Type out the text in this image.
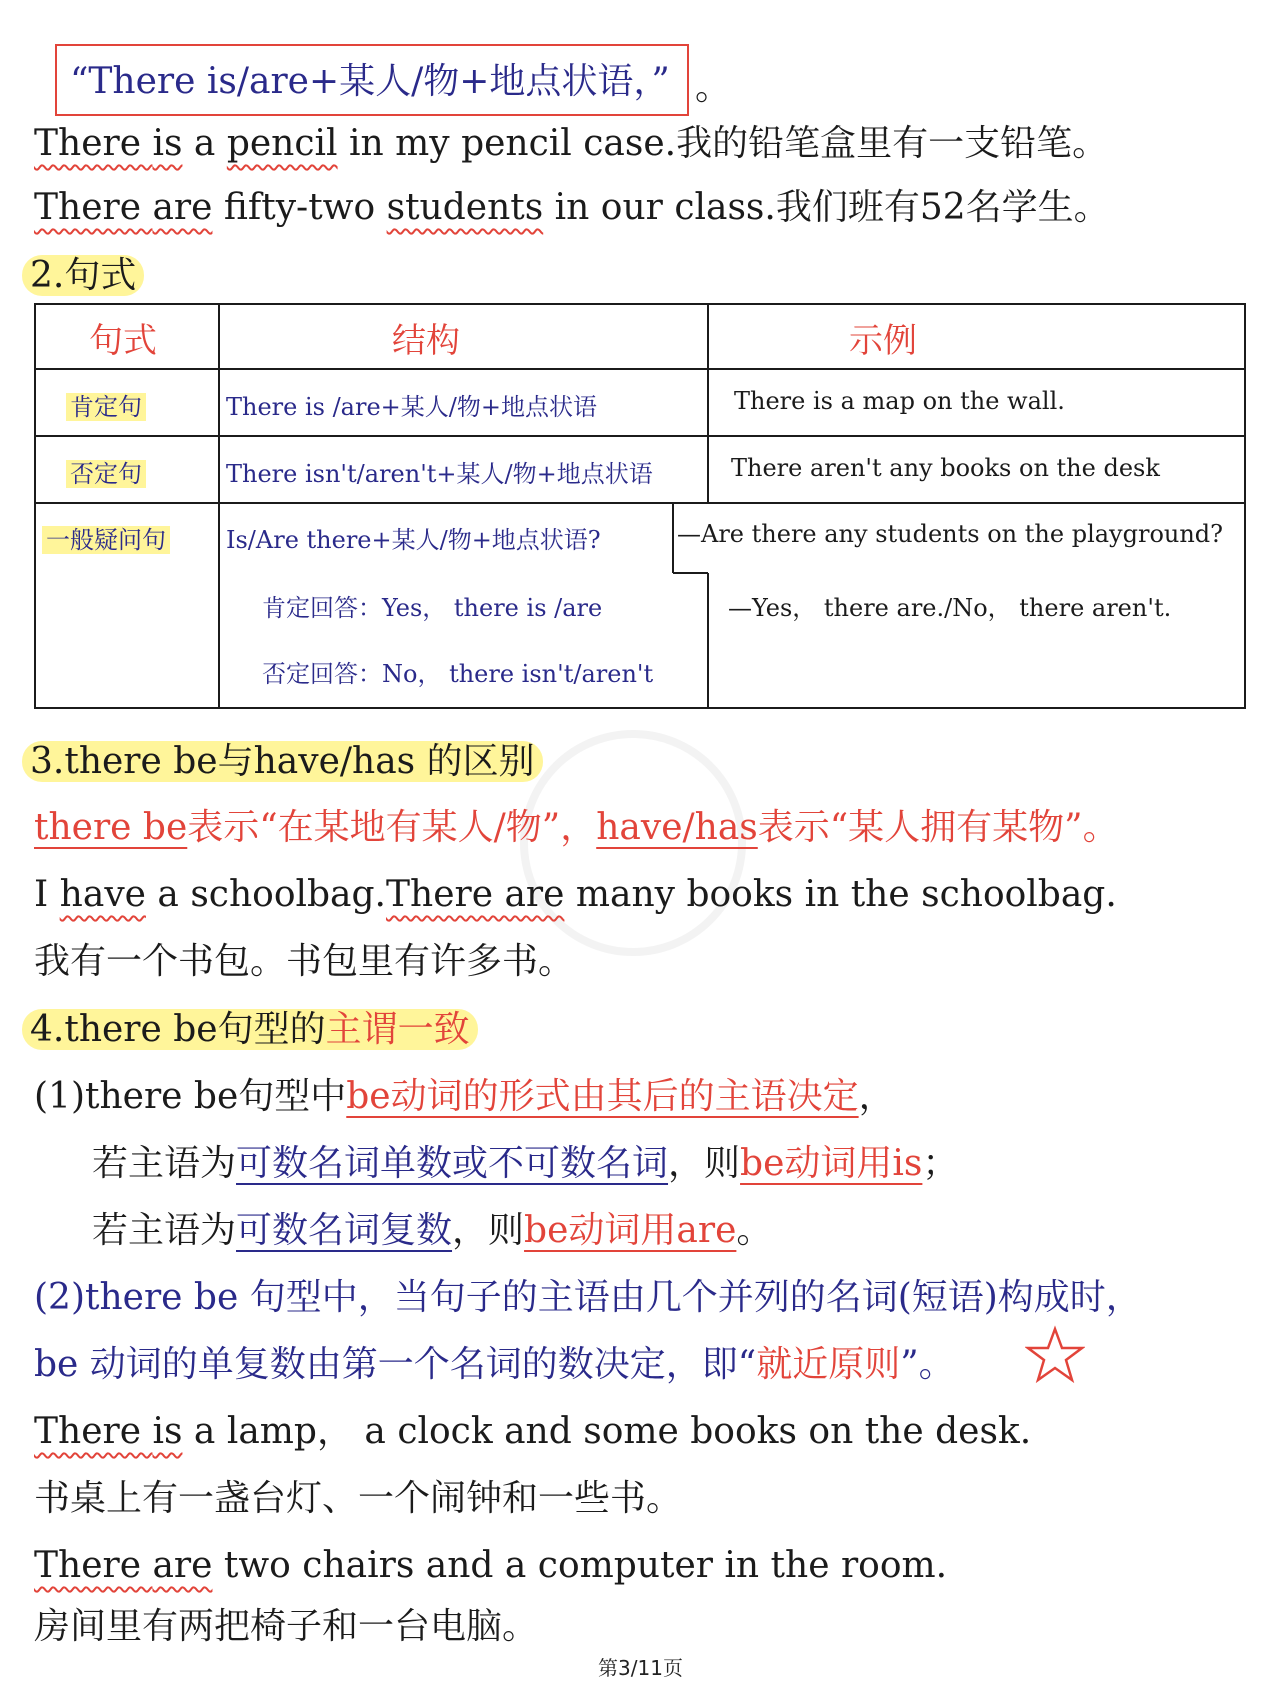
“There is/are+某人/物+地点状语，” 。
There is a pencil in my pencil case.我的铅笔盒里有一支铅笔。
There are fifty-two students in our class.我们班有52名学生。
2.句式
句式	结构	示例
肯定句	There is /are+某人/物+地点状语	There is a map on the wall.
否定句	There isn't/aren't+某人/物+地点状语	There aren't any books on the desk
一般疑问句	Is/Are there+某人/物+地点状语?	—Are there any students on the playground?
肯定回答：Yes， there is /are	—Yes， there are./No， there aren't.
否定回答：No， there isn't/aren't
3.there be与have/has 的区别
there be表示“在某地有某人/物”，have/has表示“某人拥有某物”。
I have a schoolbag.There are many books in the schoolbag.
我有一个书包。书包里有许多书。
4.there be句型的主谓一致
(1)there be句型中be动词的形式由其后的主语决定，
若主语为可数名词单数或不可数名词，则be动词用is；
若主语为可数名词复数，则be动词用are。
(2)there be 句型中，当句子的主语由几个并列的名词(短语)构成时，
be 动词的单复数由第一个名词的数决定，即“就近原则”。
There is a lamp， a clock and some books on the desk.
书桌上有一盏台灯、一个闹钟和一些书。
There are two chairs and a computer in the room.
房间里有两把椅子和一台电脑。
第3/11页
